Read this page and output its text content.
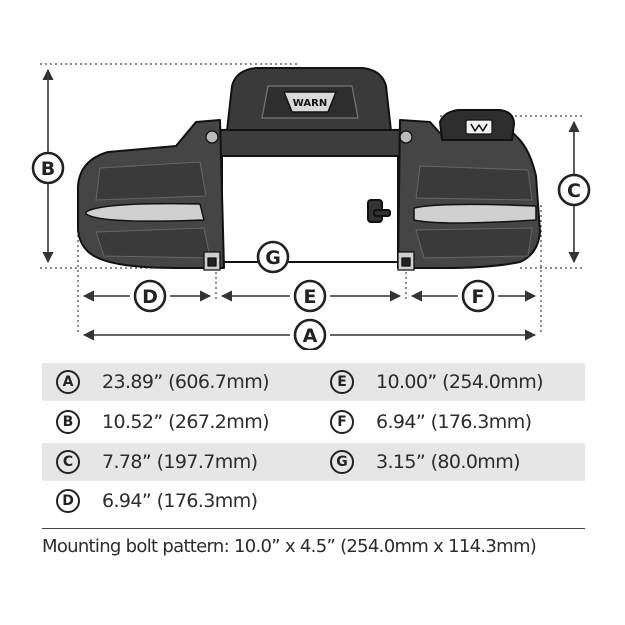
WARN
B
C
G
D	E	F
A
A	23.89” (606.7mm)	E	10.00” (254.0mm)
B	10.52” (267.2mm)	F	6.94” (176.3mm)
C	7.78” (197.7mm)	G	3.15” (80.0mm)
D	6.94” (176.3mm)
Mounting bolt pattern: 10.0” x 4.5” (254.0mm x 114.3mm)
